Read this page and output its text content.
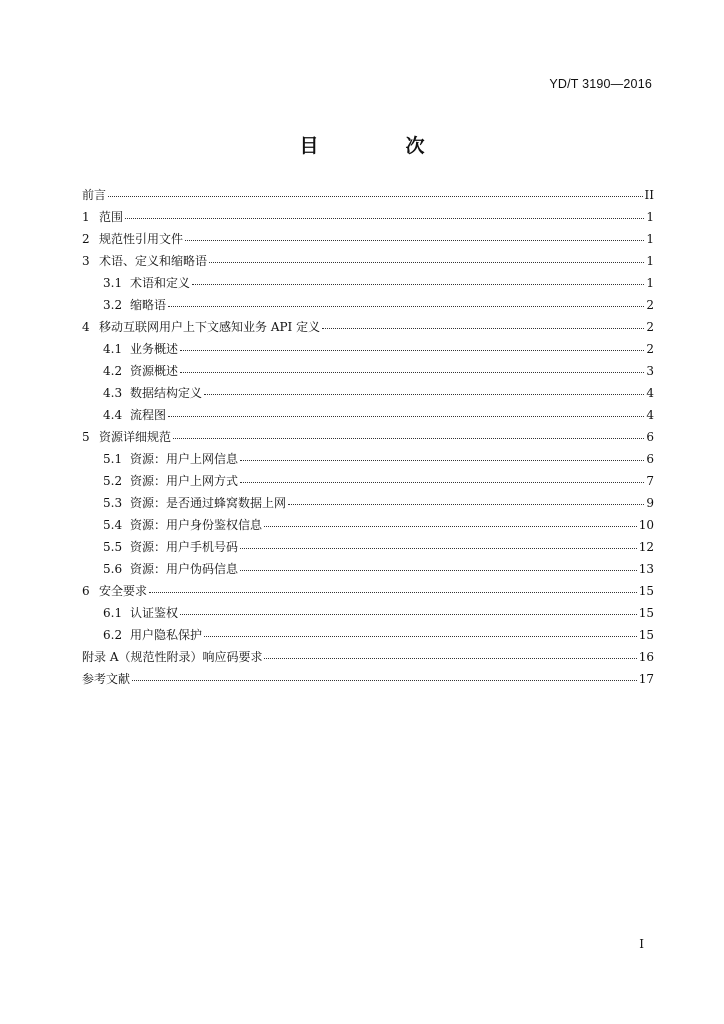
YD/T 3190—2016
目　次
前言	II
1 范围	1
2 规范性引用文件	1
3 术语、定义和缩略语	1
3.1 术语和定义	1
3.2 缩略语	2
4 移动互联网用户上下文感知业务 API 定义	2
4.1 业务概述	2
4.2 资源概述	3
4.3 数据结构定义	4
4.4 流程图	4
5 资源详细规范	6
5.1 资源：用户上网信息	6
5.2 资源：用户上网方式	7
5.3 资源：是否通过蜂窝数据上网	9
5.4 资源：用户身份鉴权信息	10
5.5 资源：用户手机号码	12
5.6 资源：用户伪码信息	13
6 安全要求	15
6.1 认证鉴权	15
6.2 用户隐私保护	15
附录 A（规范性附录）响应码要求	16
参考文献	17
I
